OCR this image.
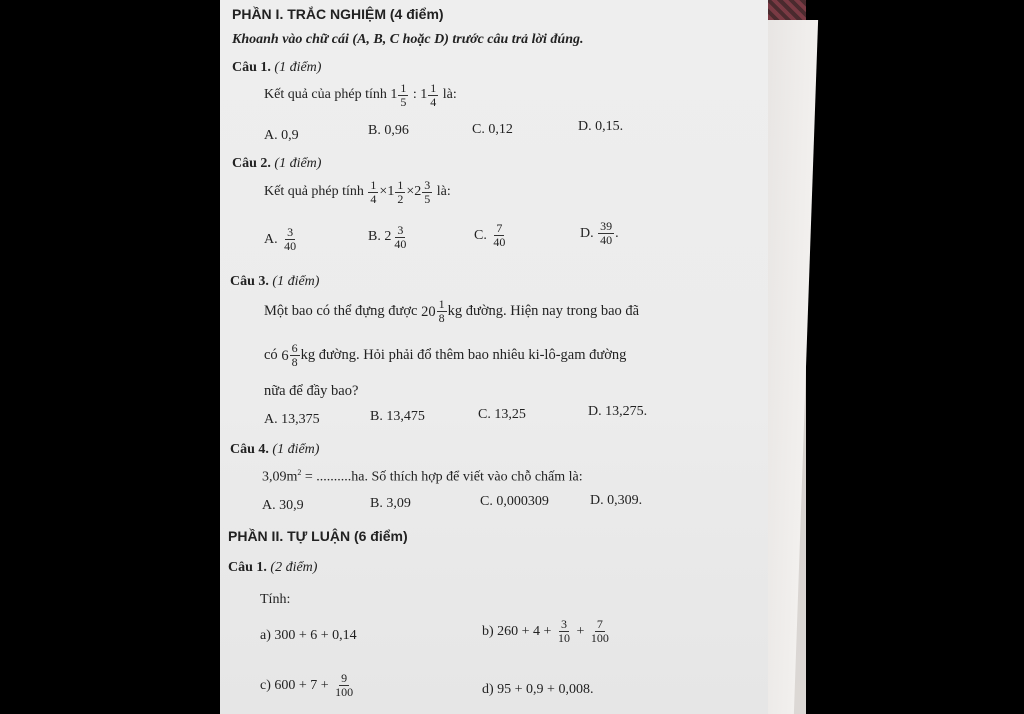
PHẦN I. TRẮC NGHIỆM (4 điểm)
Khoanh vào chữ cái (A, B, C hoặc D) trước câu trả lời đúng.
Câu 1. (1 điểm)
Kết quả của phép tính $1 \frac{1}{5}$ : $1 \frac{1}{4}$ là:
A. 0,9	B. 0,96	C. 0,12	D. 0,15.
Câu 2. (1 điểm)
Kết quả phép tính $\frac{1}{4} \times 1 \frac{1}{2} \times 2 \frac{3}{5}$ là:
A. $\frac{3}{40}$	B. $2 \frac{3}{40}$	C. $\frac{7}{40}$	D. $\frac{39}{40}$ .
Câu 3. (1 điểm)
Một bao có thể đựng được $20 \frac{1}{8}$ kg đường. Hiện nay trong bao đã
có $6 \frac{6}{8}$ kg đường. Hỏi phải đổ thêm bao nhiêu ki-lô-gam đường
nữa để đầy bao?
A. 13,375	B. 13,475	C. 13,25	D. 13,275.
Câu 4. (1 điểm)
$3,09m^2 = ..........ha$. Số thích hợp để viết vào chỗ chấm là:
A. 30,9	B. 3,09	C. 0,000309	D. 0,309.
PHẦN II. TỰ LUẬN (6 điểm)
Câu 1. (2 điểm)
Tính:
a) 300 + 6 + 0,14	b) $260 + 4 + \frac{3}{10} + \frac{7}{100}$
c) $600 + 7 + \frac{9}{100}$	d) 95 + 0,9 + 0,008.
